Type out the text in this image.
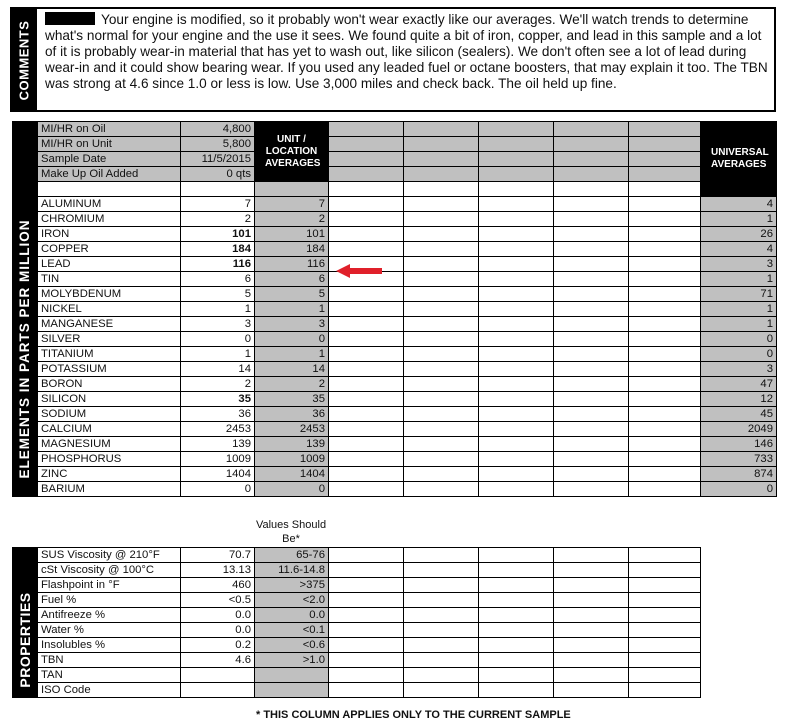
COMMENTS
Your engine is modified, so it probably won't wear exactly like our averages. We'll watch trends to determine what's normal for your engine and the use it sees. We found quite a bit of iron, copper, and lead in this sample and a lot of it is probably wear-in material that has yet to wash out, like silicon (sealers). We don't often see a lot of lead during wear-in and it could show bearing wear. If you used any leaded fuel or octane boosters, that may explain it too. The TBN was strong at 4.6 since 1.0 or less is low. Use 3,000 miles and check back. The oil held up fine.
ELEMENTS IN PARTS PER MILLION	MI/HR on Oil	4,800	UNIT / LOCATION AVERAGES						UNIVERSAL AVERAGES
	MI/HR on Unit	5,800							
	Sample Date	11/5/2015							
	Make Up Oil Added	0 qts							

	ALUMINUM	7	7						4
	CHROMIUM	2	2						1
	IRON	101	101						26
	COPPER	184	184						4
	LEAD	116	116						3
	TIN	6	6						1
	MOLYBDENUM	5	5						71
	NICKEL	1	1						1
	MANGANESE	3	3						1
	SILVER	0	0						0
	TITANIUM	1	1						0
	POTASSIUM	14	14						3
	BORON	2	2						47
	SILICON	35	35						12
	SODIUM	36	36						45
	CALCIUM	2453	2453						2049
	MAGNESIUM	139	139						146
	PHOSPHORUS	1009	1009						733
	ZINC	1404	1404						874
	BARIUM	0	0						0
Values Should Be*
PROPERTIES	SUS Viscosity @ 210°F	70.7	65-76					
	cSt Viscosity @ 100°C	13.13	11.6-14.8					
	Flashpoint in °F	460	>375					
	Fuel %	<0.5	<2.0					
	Antifreeze %	0.0	0.0					
	Water %	0.0	<0.1					
	Insolubles %	0.2	<0.6					
	TBN	4.6	>1.0					
	TAN							
	ISO Code							
* THIS COLUMN APPLIES ONLY TO THE CURRENT SAMPLE
